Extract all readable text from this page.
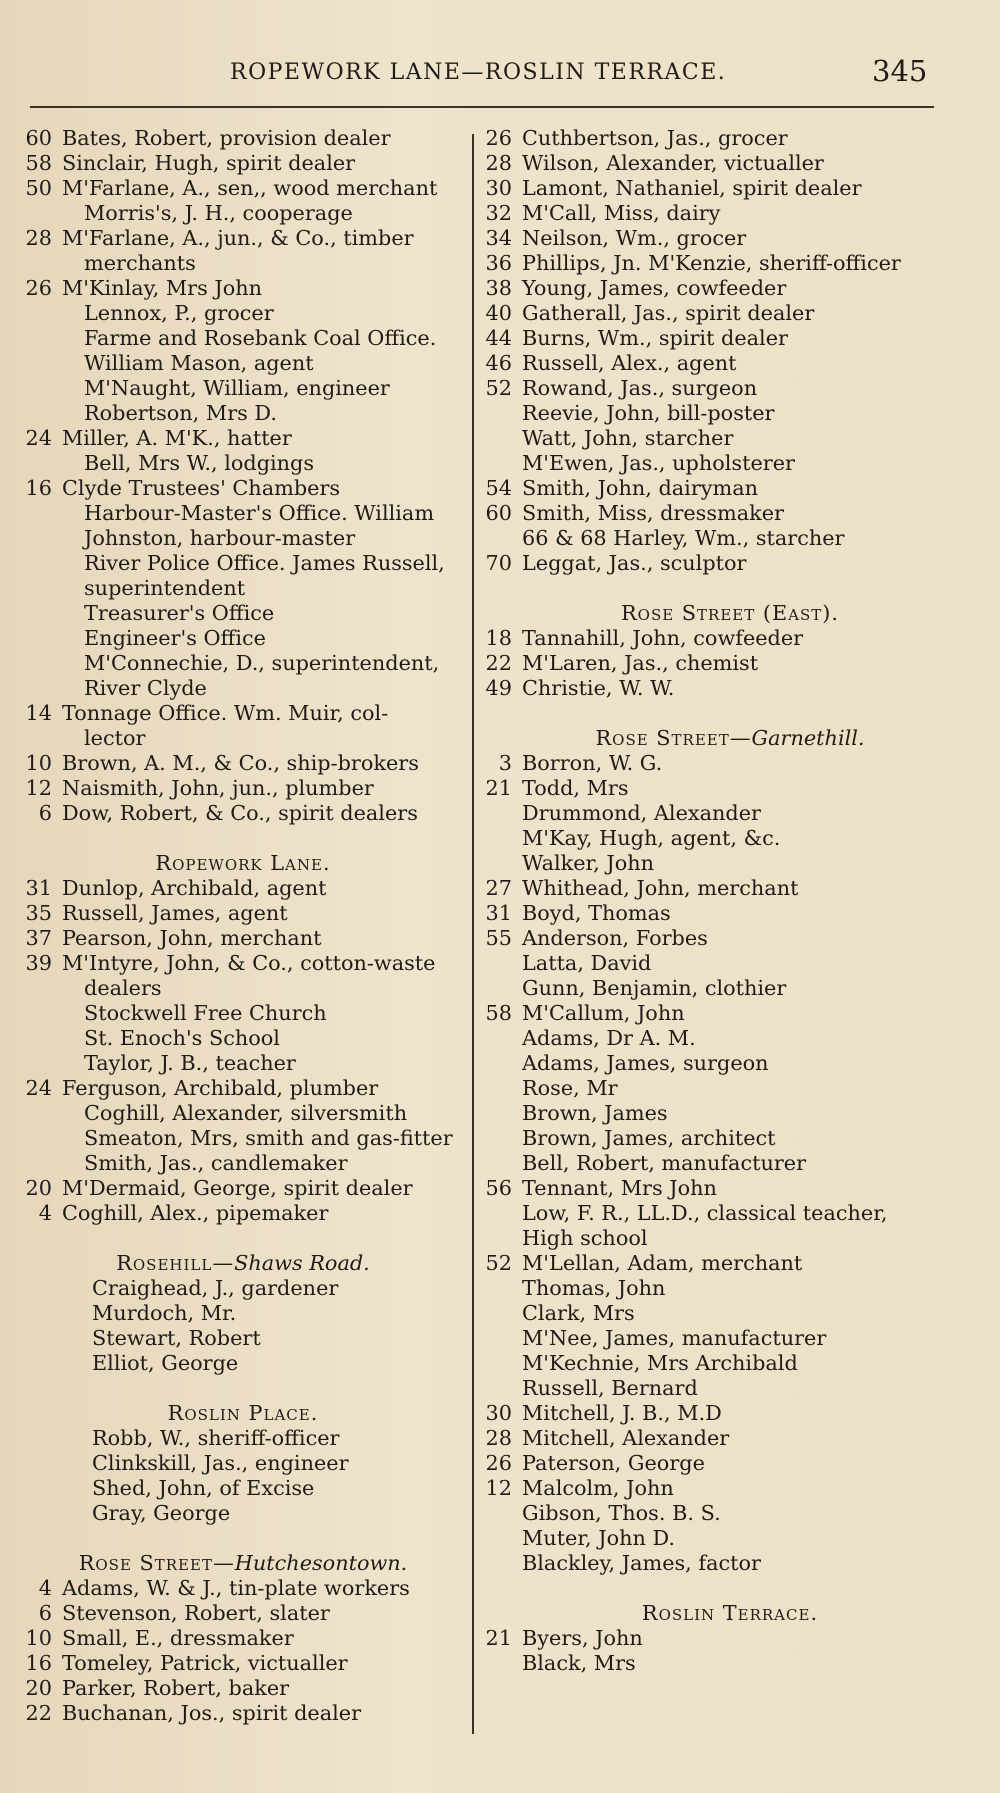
ROPEWORK LANE—ROSLIN TERRACE.	345
60 Bates, Robert, provision dealer
58 Sinclair, Hugh, spirit dealer
50 M'Farlane, A., sen,, wood merchant
Morris's, J. H., cooperage
28 M'Farlane, A., jun., & Co., timber
merchants
26 M'Kinlay, Mrs John
Lennox, P., grocer
Farme and Rosebank Coal Office.
William Mason, agent
M'Naught, William, engineer
Robertson, Mrs D.
24 Miller, A. M'K., hatter
Bell, Mrs W., lodgings
16 Clyde Trustees' Chambers
Harbour-Master's Office. William
Johnston, harbour-master
River Police Office. James Russell,
superintendent
Treasurer's Office
Engineer's Office
M'Connechie, D., superintendent,
River Clyde
14 Tonnage Office. Wm. Muir, col-
lector
10 Brown, A. M., & Co., ship-brokers
12 Naismith, John, jun., plumber
6 Dow, Robert, & Co., spirit dealers
Ropework Lane.
31 Dunlop, Archibald, agent
35 Russell, James, agent
37 Pearson, John, merchant
39 M'Intyre, John, & Co., cotton-waste
dealers
Stockwell Free Church
St. Enoch's School
Taylor, J. B., teacher
24 Ferguson, Archibald, plumber
Coghill, Alexander, silversmith
Smeaton, Mrs, smith and gas-fitter
Smith, Jas., candlemaker
20 M'Dermaid, George, spirit dealer
4 Coghill, Alex., pipemaker
Rosehill—Shaws Road.
Craighead, J., gardener
Murdoch, Mr.
Stewart, Robert
Elliot, George
Roslin Place.
Robb, W., sheriff-officer
Clinkskill, Jas., engineer
Shed, John, of Excise
Gray, George
Rose Street—Hutchesontown.
4 Adams, W. & J., tin-plate workers
6 Stevenson, Robert, slater
10 Small, E., dressmaker
16 Tomeley, Patrick, victualler
20 Parker, Robert, baker
22 Buchanan, Jos., spirit dealer
26 Cuthbertson, Jas., grocer
28 Wilson, Alexander, victualler
30 Lamont, Nathaniel, spirit dealer
32 M'Call, Miss, dairy
34 Neilson, Wm., grocer
36 Phillips, Jn. M'Kenzie, sheriff-officer
38 Young, James, cowfeeder
40 Gatherall, Jas., spirit dealer
44 Burns, Wm., spirit dealer
46 Russell, Alex., agent
52 Rowand, Jas., surgeon
Reevie, John, bill-poster
Watt, John, starcher
M'Ewen, Jas., upholsterer
54 Smith, John, dairyman
60 Smith, Miss, dressmaker
66 & 68 Harley, Wm., starcher
70 Leggat, Jas., sculptor
Rose Street (East).
18 Tannahill, John, cowfeeder
22 M'Laren, Jas., chemist
49 Christie, W. W.
Rose Street—Garnethill.
3 Borron, W. G.
21 Todd, Mrs
Drummond, Alexander
M'Kay, Hugh, agent, &c.
Walker, John
27 Whithead, John, merchant
31 Boyd, Thomas
55 Anderson, Forbes
Latta, David
Gunn, Benjamin, clothier
58 M'Callum, John
Adams, Dr A. M.
Adams, James, surgeon
Rose, Mr
Brown, James
Brown, James, architect
Bell, Robert, manufacturer
56 Tennant, Mrs John
Low, F. R., LL.D., classical teacher,
High school
52 M'Lellan, Adam, merchant
Thomas, John
Clark, Mrs
M'Nee, James, manufacturer
M'Kechnie, Mrs Archibald
Russell, Bernard
30 Mitchell, J. B., M.D
28 Mitchell, Alexander
26 Paterson, George
12 Malcolm, John
Gibson, Thos. B. S.
Muter, John D.
Blackley, James, factor
Roslin Terrace.
21 Byers, John
Black, Mrs
